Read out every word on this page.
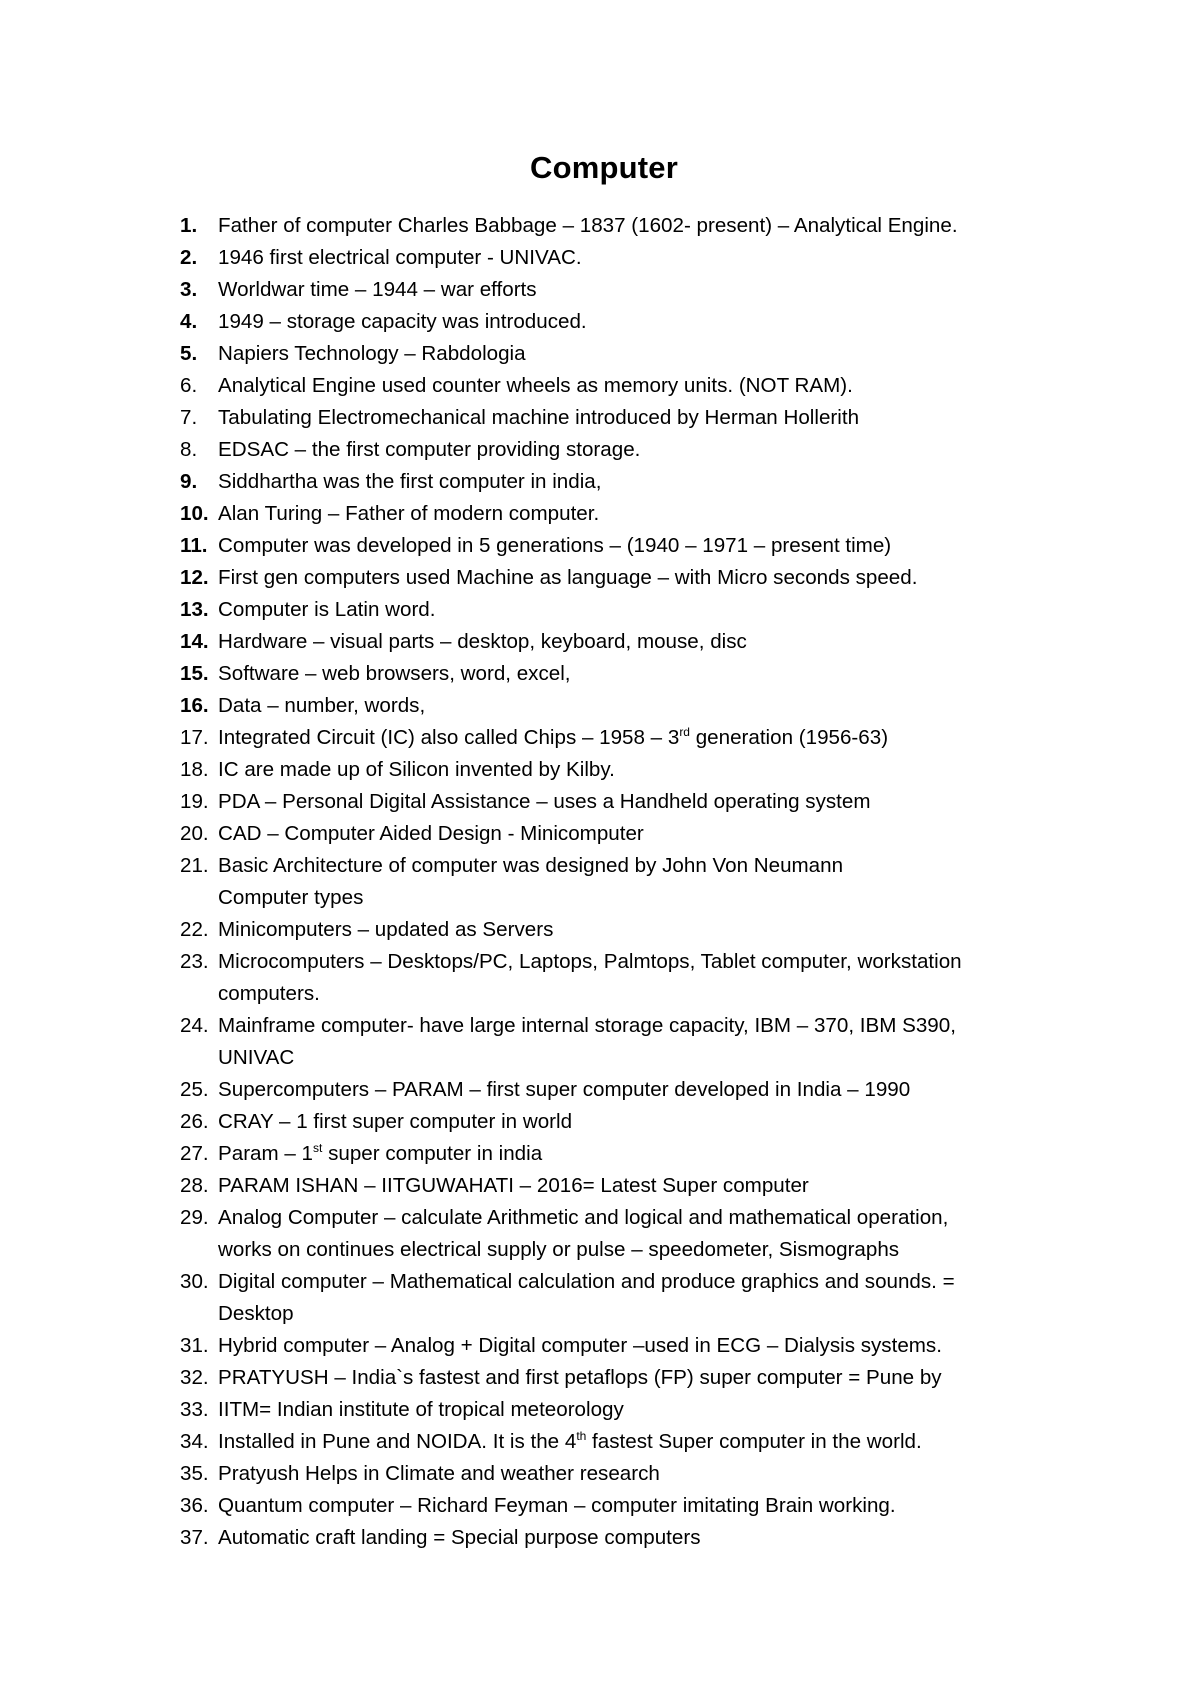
Computer
1.	Father of computer Charles Babbage – 1837 (1602- present) – Analytical Engine.
2.	1946 first electrical computer - UNIVAC.
3.	Worldwar time – 1944 – war efforts
4.	1949 – storage capacity was introduced.
5.	Napiers Technology – Rabdologia
6.	Analytical Engine used counter wheels as memory units. (NOT RAM).
7.	Tabulating Electromechanical machine introduced by Herman Hollerith
8.	EDSAC – the first computer providing storage.
9.	Siddhartha was the first computer in india,
10. Alan Turing – Father of modern computer.
11. Computer was developed in 5 generations – (1940 – 1971 – present time)
12. First gen computers used Machine as language – with Micro seconds speed.
13. Computer is Latin word.
14. Hardware – visual parts – desktop, keyboard, mouse, disc
15. Software – web browsers, word, excel,
16. Data – number, words,
17. Integrated Circuit (IC) also called Chips – 1958 – 3rd generation (1956-63)
18. IC are made up of Silicon invented by Kilby.
19. PDA – Personal Digital Assistance – uses a Handheld operating system
20. CAD – Computer Aided Design - Minicomputer
21. Basic Architecture of computer was designed by John Von Neumann
Computer types
22. Minicomputers – updated as Servers
23. Microcomputers – Desktops/PC, Laptops, Palmtops, Tablet computer, workstation
computers.
24. Mainframe computer- have large internal storage capacity, IBM – 370, IBM S390,
UNIVAC
25. Supercomputers – PARAM – first super computer developed in India – 1990
26. CRAY – 1 first super computer in world
27. Param – 1st super computer in india
28. PARAM ISHAN – IITGUWAHATI – 2016= Latest Super computer
29. Analog Computer – calculate Arithmetic and logical and mathematical operation,
works on continues electrical supply or pulse – speedometer, Sismographs
30. Digital computer – Mathematical calculation and produce graphics and sounds. =
Desktop
31. Hybrid computer – Analog + Digital computer –used in ECG – Dialysis systems.
32. PRATYUSH – India`s fastest and first petaflops (FP) super computer = Pune by
33. IITM= Indian institute of tropical meteorology
34. Installed in Pune and NOIDA. It is the 4th fastest Super computer in the world.
35. Pratyush Helps in Climate and weather research
36. Quantum computer – Richard Feyman – computer imitating Brain working.
37. Automatic craft landing = Special purpose computers
